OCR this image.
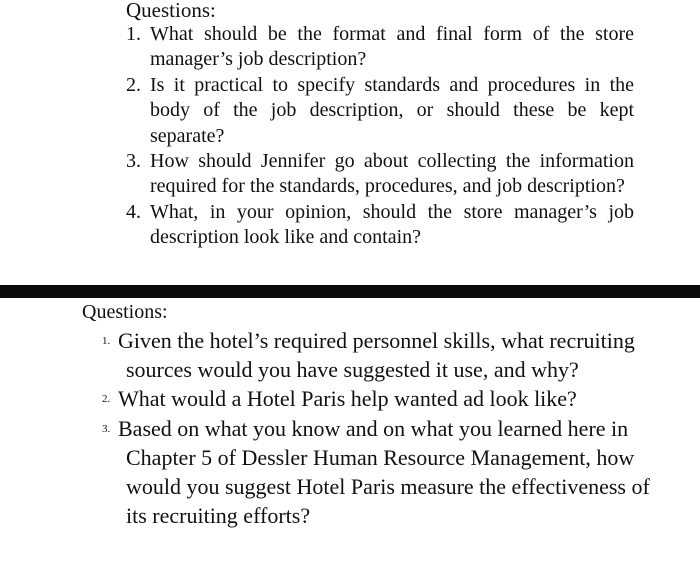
Questions:
1. What should be the format and final form of the store manager’s job description?
2. Is it practical to specify standards and procedures in the body of the job description, or should these be kept separate?
3. How should Jennifer go about collecting the information required for the standards, procedures, and job description?
4. What, in your opinion, should the store manager’s job description look like and contain?
Questions:
1. Given the hotel’s required personnel skills, what recruiting sources would you have suggested it use, and why?
2. What would a Hotel Paris help wanted ad look like?
3. Based on what you know and on what you learned here in Chapter 5 of Dessler Human Resource Management, how would you suggest Hotel Paris measure the effectiveness of its recruiting efforts?
